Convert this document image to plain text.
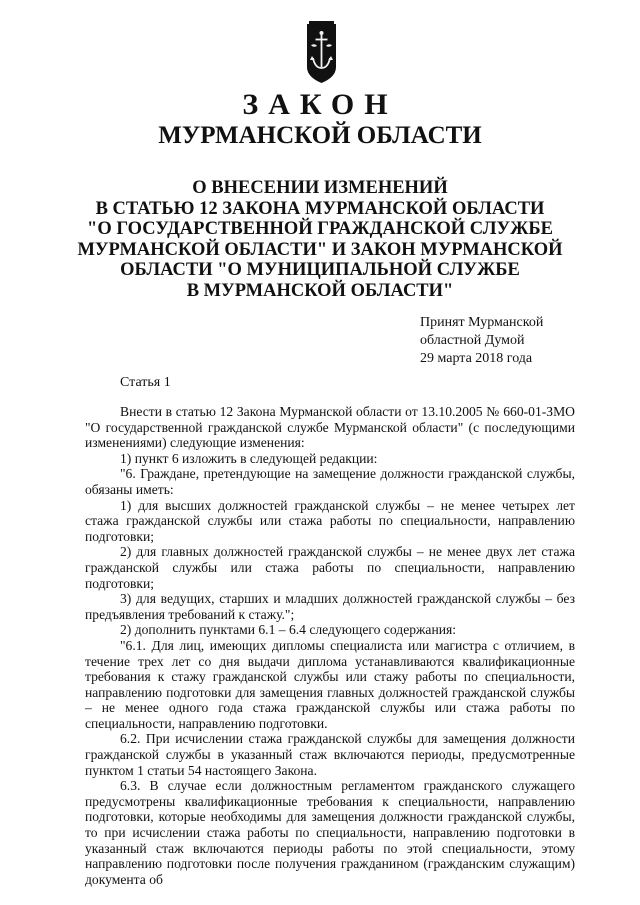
ЗАКОН
МУРМАНСКОЙ ОБЛАСТИ
О ВНЕСЕНИИ ИЗМЕНЕНИЙ
В СТАТЬЮ 12 ЗАКОНА МУРМАНСКОЙ ОБЛАСТИ
"О ГОСУДАРСТВЕННОЙ ГРАЖДАНСКОЙ СЛУЖБЕ
МУРМАНСКОЙ ОБЛАСТИ" И ЗАКОН МУРМАНСКОЙ
ОБЛАСТИ "О МУНИЦИПАЛЬНОЙ СЛУЖБЕ
В МУРМАНСКОЙ ОБЛАСТИ"
Принят Мурманской
областной Думой
29 марта 2018 года
Статья 1

Внести в статью 12 Закона Мурманской области от 13.10.2005 № 660-01-ЗМО "О государственной гражданской службе Мурманской области" (с последующими изменениями) следующие изменения:

1) пункт 6 изложить в следующей редакции:

"6. Граждане, претендующие на замещение должности гражданской службы, обязаны иметь:

1) для высших должностей гражданской службы – не менее четырех лет стажа гражданской службы или стажа работы по специальности, направлению подготовки;

2) для главных должностей гражданской службы – не менее двух лет стажа гражданской службы или стажа работы по специальности, направлению подготовки;

3) для ведущих, старших и младших должностей гражданской службы – без предъявления требований к стажу.";

2) дополнить пунктами 6.1 – 6.4 следующего содержания:

"6.1. Для лиц, имеющих дипломы специалиста или магистра с отличием, в течение трех лет со дня выдачи диплома устанавливаются квалификационные требования к стажу гражданской службы или стажу работы по специальности, направлению подготовки для замещения главных должностей гражданской службы – не менее одного года стажа гражданской службы или стажа работы по специальности, направлению подготовки.

6.2. При исчислении стажа гражданской службы для замещения должности гражданской службы в указанный стаж включаются периоды, предусмотренные пунктом 1 статьи 54 настоящего Закона.

6.3. В случае если должностным регламентом гражданского служащего предусмотрены квалификационные требования к специальности, направлению подготовки, которые необходимы для замещения должности гражданской службы, то при исчислении стажа работы по специальности, направлению подготовки в указанный стаж включаются периоды работы по этой специальности, этому направлению подготовки после получения гражданином (гражданским служащим) документа об
